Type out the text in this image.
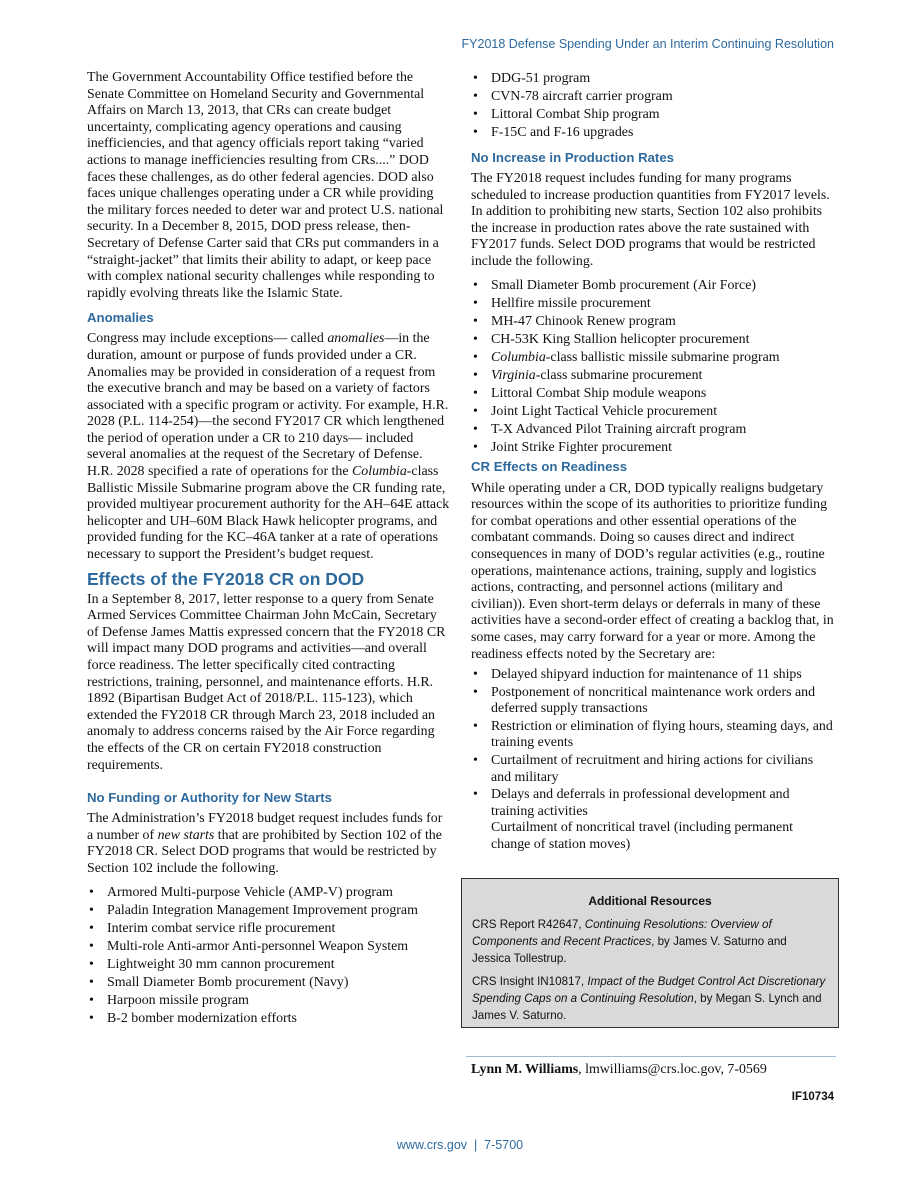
FY2018 Defense Spending Under an Interim Continuing Resolution

The Government Accountability Office testified before the Senate Committee on Homeland Security and Governmental Affairs on March 13, 2013, that CRs can create budget uncertainty, complicating agency operations and causing inefficiencies, and that agency officials report taking “varied actions to manage inefficiencies resulting from CRs....” DOD faces these challenges, as do other federal agencies. DOD also faces unique challenges operating under a CR while providing the military forces needed to deter war and protect U.S. national security. In a December 8, 2015, DOD press release, then-Secretary of Defense Carter said that CRs put commanders in a “straight-jacket” that limits their ability to adapt, or keep pace with complex national security challenges while responding to rapidly evolving threats like the Islamic State.

Anomalies

Congress may include exceptions— called anomalies—in the duration, amount or purpose of funds provided under a CR. Anomalies may be provided in consideration of a request from the executive branch and may be based on a variety of factors associated with a specific program or activity. For example, H.R. 2028 (P.L. 114-254)—the second FY2017 CR which lengthened the period of operation under a CR to 210 days— included several anomalies at the request of the Secretary of Defense. H.R. 2028 specified a rate of operations for the Columbia-class Ballistic Missile Submarine program above the CR funding rate, provided multiyear procurement authority for the AH–64E attack helicopter and UH–60M Black Hawk helicopter programs, and provided funding for the KC–46A tanker at a rate of operations necessary to support the President’s budget request.

Effects of the FY2018 CR on DOD

In a September 8, 2017, letter response to a query from Senate Armed Services Committee Chairman John McCain, Secretary of Defense James Mattis expressed concern that the FY2018 CR will impact many DOD programs and activities—and overall force readiness. The letter specifically cited contracting restrictions, training, personnel, and maintenance efforts. H.R. 1892 (Bipartisan Budget Act of 2018/P.L. 115-123), which extended the FY2018 CR through March 23, 2018 included an anomaly to address concerns raised by the Air Force regarding the effects of the CR on certain FY2018 construction requirements.

No Funding or Authority for New Starts

The Administration’s FY2018 budget request includes funds for a number of new starts that are prohibited by Section 102 of the FY2018 CR. Select DOD programs that would be restricted by Section 102 include the following.

• Armored Multi-purpose Vehicle (AMP-V) program
• Paladin Integration Management Improvement program
• Interim combat service rifle procurement
• Multi-role Anti-armor Anti-personnel Weapon System
• Lightweight 30 mm cannon procurement
• Small Diameter Bomb procurement (Navy)
• Harpoon missile program
• B-2 bomber modernization efforts
• DDG-51 program
• CVN-78 aircraft carrier program
• Littoral Combat Ship program
• F-15C and F-16 upgrades
No Increase in Production Rates

The FY2018 request includes funding for many programs scheduled to increase production quantities from FY2017 levels. In addition to prohibiting new starts, Section 102 also prohibits the increase in production rates above the rate sustained with FY2017 funds. Select DOD programs that would be restricted include the following.

• Small Diameter Bomb procurement (Air Force)
• Hellfire missile procurement
• MH-47 Chinook Renew program
• CH-53K King Stallion helicopter procurement
• Columbia-class ballistic missile submarine program
• Virginia-class submarine procurement
• Littoral Combat Ship module weapons
• Joint Light Tactical Vehicle procurement
• T-X Advanced Pilot Training aircraft program
• Joint Strike Fighter procurement
CR Effects on Readiness

While operating under a CR, DOD typically realigns budgetary resources within the scope of its authorities to prioritize funding for combat operations and other essential operations of the combatant commands. Doing so causes direct and indirect consequences in many of DOD’s regular activities (e.g., routine operations, maintenance actions, training, supply and logistics actions, contracting, and personnel actions (military and civilian)). Even short-term delays or deferrals in many of these activities have a second-order effect of creating a backlog that, in some cases, may carry forward for a year or more. Among the readiness effects noted by the Secretary are:

• Delayed shipyard induction for maintenance of 11 ships
• Postponement of noncritical maintenance work orders and deferred supply transactions
• Restriction or elimination of flying hours, steaming days, and training events
• Curtailment of recruitment and hiring actions for civilians and military
• Delays and deferrals in professional development and training activities
Curtailment of noncritical travel (including permanent change of station moves)
Additional Resources

CRS Report R42647, Continuing Resolutions: Overview of Components and Recent Practices, by James V. Saturno and Jessica Tollestrup.

CRS Insight IN10817, Impact of the Budget Control Act Discretionary Spending Caps on a Continuing Resolution, by Megan S. Lynch and James V. Saturno.

Lynn M. Williams, lmwilliams@crs.loc.gov, 7-0569
IF10734
www.crs.gov  |  7-5700
